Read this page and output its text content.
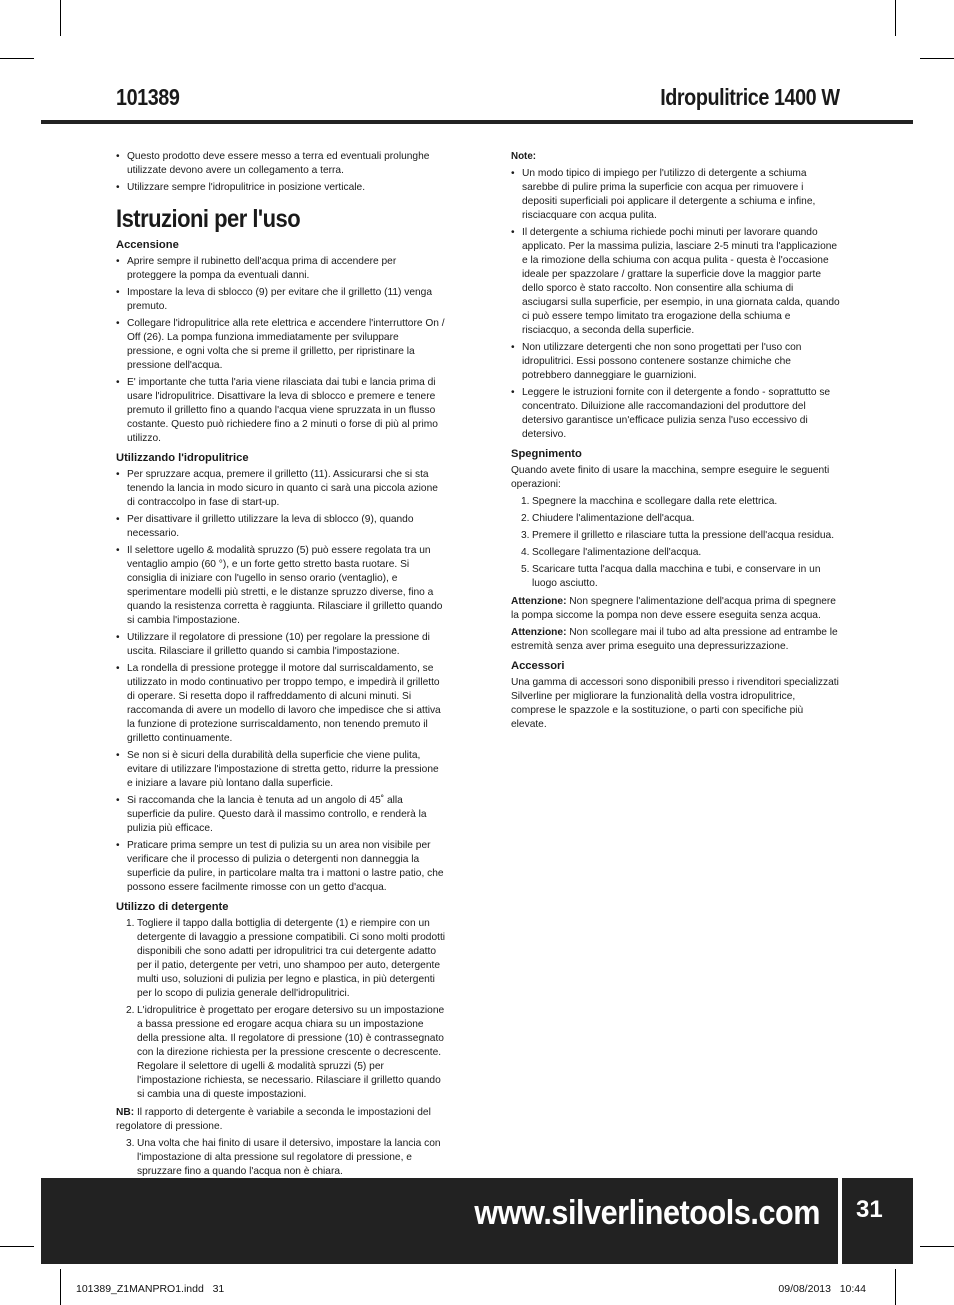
101389	Idropulitrice 1400 W
• Questo prodotto deve essere messo a terra ed eventuali prolunghe utilizzate devono avere un collegamento a terra.
• Utilizzare sempre l'idropulitrice in posizione verticale.
Istruzioni per l'uso
Accensione
• Aprire sempre il rubinetto dell'acqua prima di accendere per proteggere la pompa da eventuali danni.
• Impostare la leva di sblocco (9) per evitare che il grilletto (11) venga premuto.
• Collegare l'idropulitrice alla rete elettrica e accendere l'interruttore On / Off (26). La pompa funziona immediatamente per sviluppare pressione, e ogni volta che si preme il grilletto, per ripristinare la pressione dell'acqua.
• E' importante che tutta l'aria viene rilasciata dai tubi e lancia prima di usare l'idropulitrice. Disattivare la leva di sblocco e premere e tenere premuto il grilletto fino a quando l'acqua viene spruzzata in un flusso costante. Questo può richiedere fino a 2 minuti o forse di più al primo utilizzo.
Utilizzando l'idropulitrice
• Per spruzzare acqua, premere il grilletto (11). Assicurarsi che si sta tenendo la lancia in modo sicuro in quanto ci sarà una piccola azione di contraccolpo in fase di start-up.
• Per disattivare il grilletto utilizzare la leva di sblocco (9), quando necessario.
• Il selettore ugello & modalità spruzzo (5) può essere regolata tra un ventaglio ampio (60 °), e un forte getto stretto basta ruotare. Si consiglia di iniziare con l'ugello in senso orario (ventaglio), e sperimentare modelli più stretti, e le distanze spruzzo diverse, fino a quando la resistenza corretta è raggiunta. Rilasciare il grilletto quando si cambia l'impostazione.
• Utilizzare il regolatore di pressione (10) per regolare la pressione di uscita. Rilasciare il grilletto quando si cambia l'impostazione.
• La rondella di pressione protegge il motore dal surriscaldamento, se utilizzato in modo continuativo per troppo tempo, e impedirà il grilletto di operare. Si resetta dopo il raffreddamento di alcuni minuti. Si raccomanda di avere un modello di lavoro che impedisce che si attiva la funzione di protezione surriscaldamento, non tenendo premuto il grilletto continuamente.
• Se non si è sicuri della durabilità della superficie che viene pulita, evitare di utilizzare l'impostazione di stretta getto, ridurre la pressione e iniziare a lavare più lontano dalla superficie.
• Si raccomanda che la lancia è tenuta ad un angolo di 45˚ alla superficie da pulire. Questo darà il massimo controllo, e renderà la pulizia più efficace.
• Praticare prima sempre un test di pulizia su un area non visibile per verificare che il processo di pulizia o detergenti non danneggia la superficie da pulire, in particolare malta tra i mattoni o lastre patio, che possono essere facilmente rimosse con un getto d'acqua.
Utilizzo di detergente
1. Togliere il tappo dalla bottiglia di detergente (1) e riempire con un detergente di lavaggio a pressione compatibili. Ci sono molti prodotti disponibili che sono adatti per idropulitrici tra cui detergente adatto per il patio, detergente per vetri, uno shampoo per auto, detergente multi uso, soluzioni di pulizia per legno e plastica, in più detergenti per lo scopo di pulizia generale dell'idropulitrici.
2. L'idropulitrice è progettato per erogare detersivo su un impostazione a bassa pressione ed erogare acqua chiara su un impostazione della pressione alta. Il regolatore di pressione (10) è contrassegnato con la direzione richiesta per la pressione crescente o decrescente. Regolare il selettore di ugelli & modalità spruzzi (5) per l'impostazione richiesta, se necessario. Rilasciare il grilletto quando si cambia una di queste impostazioni.
NB: Il rapporto di detergente è variabile a seconda le impostazioni del regolatore di pressione.
3. Una volta che hai finito di usare il detersivo, impostare la lancia con l'impostazione di alta pressione sul regolatore di pressione, e spruzzare fino a quando l'acqua non è chiara.
Note:
• Un modo tipico di impiego per l'utilizzo di detergente a schiuma sarebbe di pulire prima la superficie con acqua per rimuovere i depositi superficiali poi applicare il detergente a schiuma e infine, risciacquare con acqua pulita.
• Il detergente a schiuma richiede pochi minuti per lavorare quando applicato. Per la massima pulizia, lasciare 2-5 minuti tra l'applicazione e la rimozione della schiuma con acqua pulita - questa è l'occasione ideale per spazzolare / grattare la superficie dove la maggior parte dello sporco è stato raccolto. Non consentire alla schiuma di asciugarsi sulla superficie, per esempio, in una giornata calda, quando ci può essere tempo limitato tra erogazione della schiuma e risciacquo, a seconda della superficie.
• Non utilizzare detergenti che non sono progettati per l'uso con idropulitrici. Essi possono contenere sostanze chimiche che potrebbero danneggiare le guarnizioni.
• Leggere le istruzioni fornite con il detergente a fondo - soprattutto se concentrato. Diluizione alle raccomandazioni del produttore del detersivo garantisce un'efficace pulizia senza l'uso eccessivo di detersivo.
Spegnimento
Quando avete finito di usare la macchina, sempre eseguire le seguenti operazioni:
1. Spegnere la macchina e scollegare dalla rete elettrica.
2. Chiudere l'alimentazione dell'acqua.
3. Premere il grilletto e rilasciare tutta la pressione dell'acqua residua.
4. Scollegare l'alimentazione dell'acqua.
5. Scaricare tutta l'acqua dalla macchina e tubi, e conservare in un luogo asciutto.
Attenzione: Non spegnere l'alimentazione dell'acqua prima di spegnere la pompa siccome la pompa non deve essere eseguita senza acqua.
Attenzione: Non scollegare mai il tubo ad alta pressione ad entrambe le estremità senza aver prima eseguito una depressurizzazione.
Accessori
Una gamma di accessori sono disponibili presso i rivenditori specializzati Silverline per migliorare la funzionalità della vostra idropulitrice, comprese le spazzole e la sostituzione, o parti con specifiche più elevate.
www.silverlinetools.com 31
101389_Z1MANPRO1.indd   31	09/08/2013   10:44
